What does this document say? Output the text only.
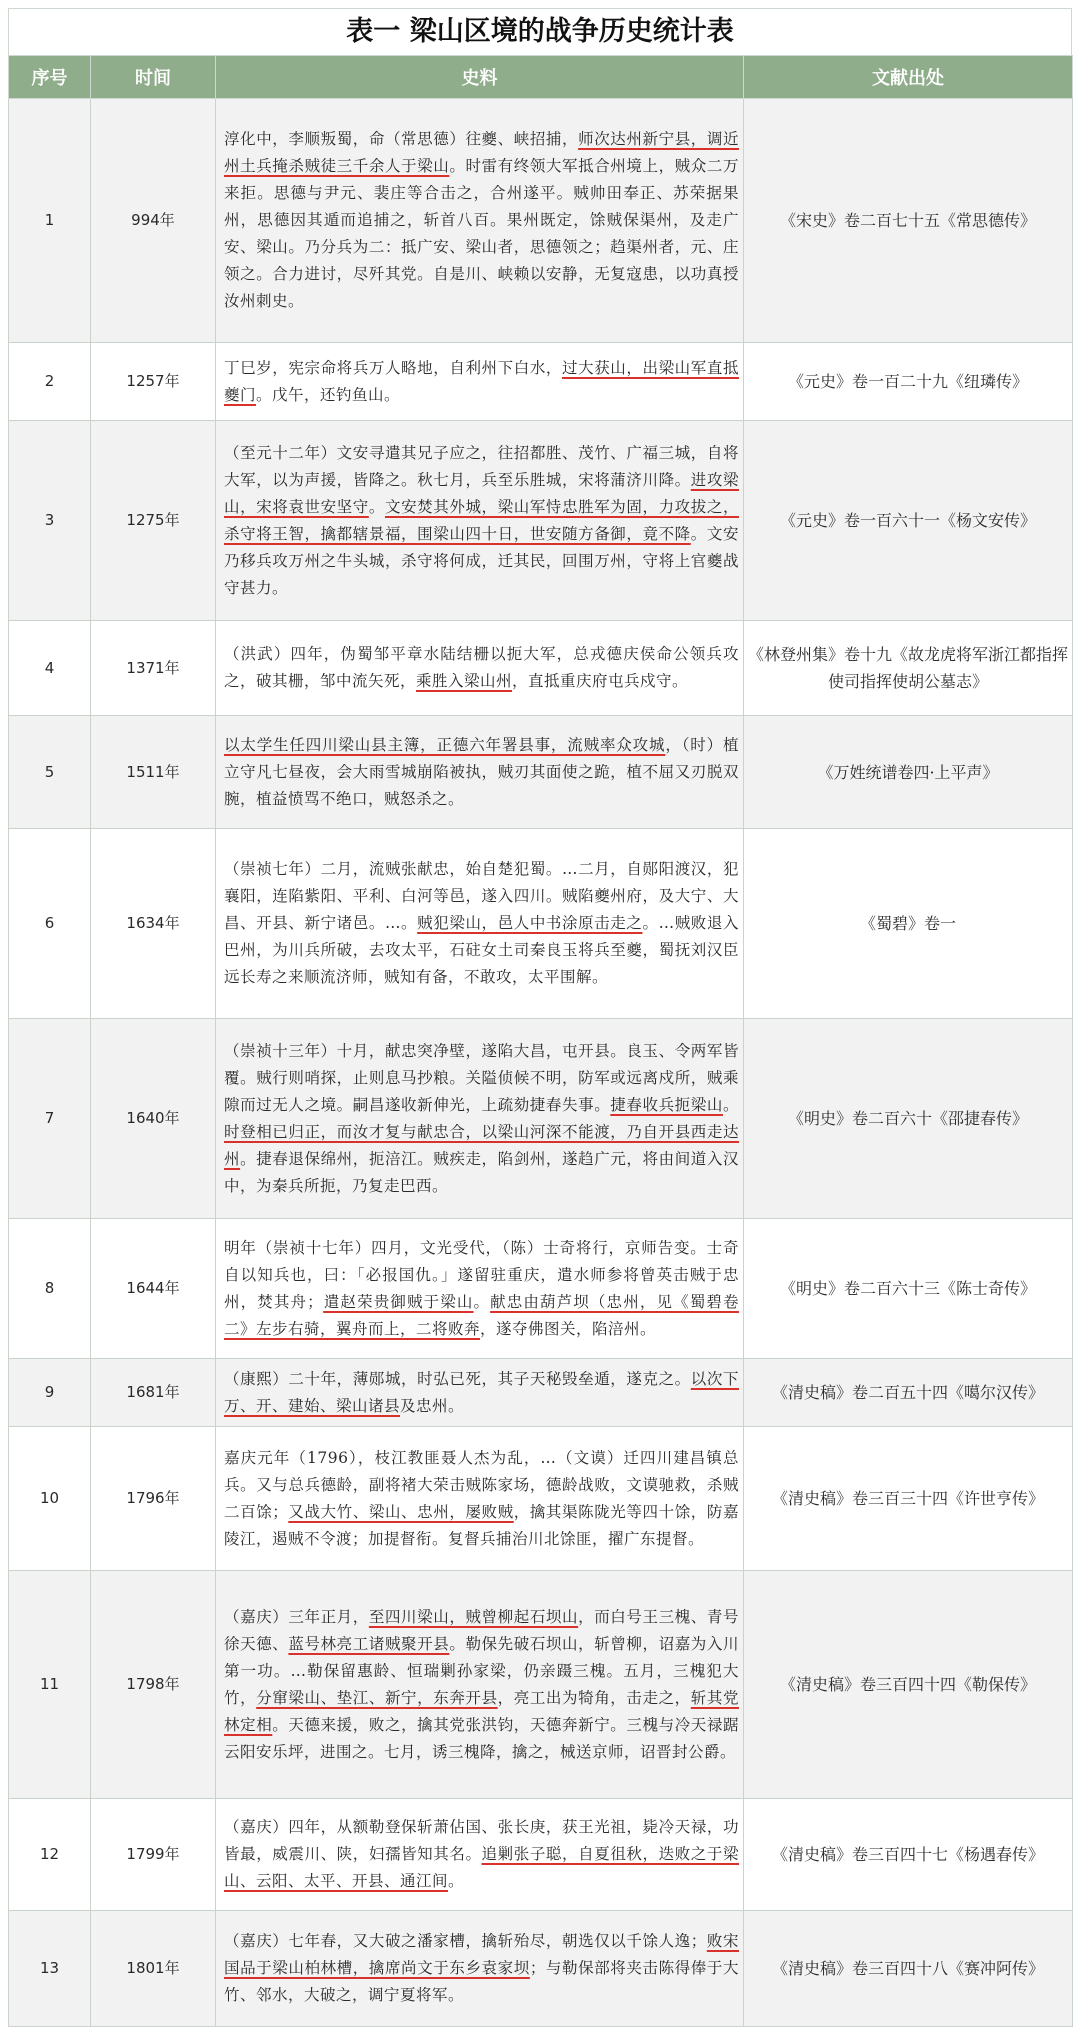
表一 梁山区境的战争历史统计表
序号	时间	史料	文献出处
1	994年	淳化中，李顺叛蜀，命（常思德）往夔、峡招捕，师次达州新宁县，调近州土兵掩杀贼徒三千余人于梁山。时雷有终领大军抵合州境上，贼众二万来拒。思德与尹元、裴庄等合击之，合州遂平。贼帅田奉正、苏荣据果州，思德因其遁而追捕之，斩首八百。果州既定，馀贼保渠州，及走广安、梁山。乃分兵为二：抵广安、梁山者，思德领之；趋渠州者，元、庄领之。合力进讨，尽歼其党。自是川、峡赖以安静，无复寇患，以功真授汝州刺史。	《宋史》卷二百七十五《常思德传》
2	1257年	丁巳岁，宪宗命将兵万人略地，自利州下白水，过大获山，出梁山军直抵夔门。戊午，还钓鱼山。	《元史》卷一百二十九《纽璘传》
3	1275年	（至元十二年）文安寻遣其兄子应之，往招都胜、茂竹、广福三城，自将大军，以为声援，皆降之。秋七月，兵至乐胜城，宋将蒲济川降。进攻梁山，宋将袁世安坚守。文安焚其外城，梁山军恃忠胜军为固，力攻拔之，杀守将王智，擒都辖景福，围梁山四十日，世安随方备御，竟不降。文安乃移兵攻万州之牛头城，杀守将何成，迁其民，回围万州，守将上官夔战守甚力。	《元史》卷一百六十一《杨文安传》
4	1371年	（洪武）四年，伪蜀邹平章水陆结栅以扼大军，总戎德庆侯命公领兵攻之，破其栅，邹中流矢死，乘胜入梁山州，直抵重庆府屯兵戍守。	《林登州集》卷十九《故龙虎将军浙江都指挥使司指挥使胡公墓志》
5	1511年	以太学生任四川梁山县主簿，正德六年署县事，流贼率众攻城，（时）植立守凡七昼夜，会大雨雪城崩陷被执，贼刃其面使之跪，植不屈又刃脱双腕，植益愤骂不绝口，贼怒杀之。	《万姓统谱卷四·上平声》
6	1634年	（崇祯七年）二月，流贼张献忠，始自楚犯蜀。…二月，自郧阳渡汉，犯襄阳，连陷紫阳、平利、白河等邑，遂入四川。贼陷夔州府，及大宁、大昌、开县、新宁诸邑。…。贼犯梁山，邑人中书涂原击走之。…贼败退入巴州，为川兵所破，去攻太平，石砫女土司秦良玉将兵至夔，蜀抚刘汉臣远长寿之来顺流济师，贼知有备，不敢攻，太平围解。	《蜀碧》卷一
7	1640年	（崇祯十三年）十月，献忠突净壁，遂陷大昌，屯开县。良玉、令两军皆覆。贼行则哨探，止则息马抄粮。关隘侦候不明，防军或远离戍所，贼乘隙而过无人之境。嗣昌遂收新伸光，上疏劾捷春失事。捷春收兵扼梁山。时登相已归正，而汝才复与献忠合，以梁山河深不能渡，乃自开县西走达州。捷春退保绵州，扼涪江。贼疾走，陷剑州，遂趋广元，将由间道入汉中，为秦兵所扼，乃复走巴西。	《明史》卷二百六十《邵捷春传》
8	1644年	明年（崇祯十七年）四月，文光受代，（陈）士奇将行，京师告变。士奇自以知兵也，曰：「必报国仇。」遂留驻重庆，遣水师参将曾英击贼于忠州，焚其舟；遣赵荣贵御贼于梁山。献忠由葫芦坝（忠州，见《蜀碧卷二》左步右骑，翼舟而上，二将败奔，遂夺佛图关，陷涪州。	《明史》卷二百六十三《陈士奇传》
9	1681年	（康熙）二十年，薄郧城，时弘已死，其子天秘毁垒遁，遂克之。以次下万、开、建始、梁山诸县及忠州。	《清史稿》卷二百五十四《噶尔汉传》
10	1796年	嘉庆元年（1796），枝江教匪聂人杰为乱，…（文谟）迁四川建昌镇总兵。又与总兵德龄，副将褚大荣击贼陈家场，德龄战败，文谟驰救，杀贼二百馀；又战大竹、梁山、忠州，屡败贼，擒其渠陈陇光等四十馀，防嘉陵江，遏贼不令渡；加提督衔。复督兵捕治川北馀匪，擢广东提督。	《清史稿》卷三百三十四《许世亨传》
11	1798年	（嘉庆）三年正月，至四川梁山，贼曾柳起石坝山，而白号王三槐、青号徐天德、蓝号林亮工诸贼聚开县。勒保先破石坝山，斩曾柳，诏嘉为入川第一功。…勒保留惠龄、恒瑞剿孙家梁，仍亲蹑三槐。五月，三槐犯大竹，分窜梁山、垫江、新宁，东奔开县，亮工出为犄角，击走之，斩其党林定相。天德来援，败之，擒其党张洪钧，天德奔新宁。三槐与冷天禄踞云阳安乐坪，进围之。七月，诱三槐降，擒之，械送京师，诏晋封公爵。	《清史稿》卷三百四十四《勒保传》
12	1799年	（嘉庆）四年，从额勒登保斩萧佔国、张长庚，获王光祖，毙冷天禄，功皆最，威震川、陕，妇孺皆知其名。追剿张子聪，自夏徂秋，迭败之于梁山、云阳、太平、开县、通江间。	《清史稿》卷三百四十七《杨遇春传》
13	1801年	（嘉庆）七年春，又大破之潘家槽，擒斩殆尽，朝选仅以千馀人逸；败宋国品于梁山柏林槽，擒席尚文于东乡袁家坝；与勒保部将夹击陈得俸于大竹、邻水，大破之，调宁夏将军。	《清史稿》卷三百四十八《赛冲阿传》
